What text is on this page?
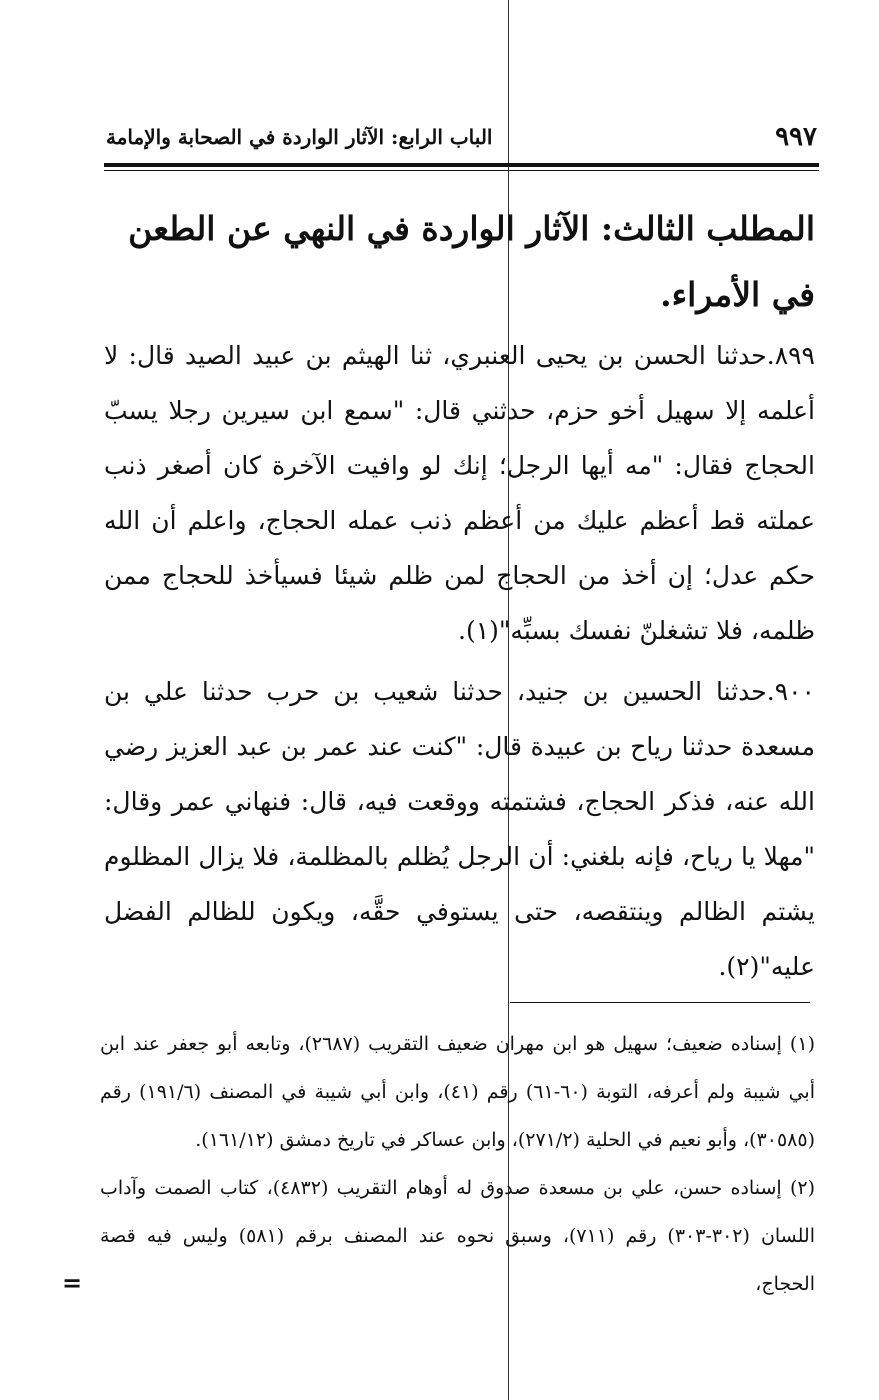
الباب الرابع: الآثار الواردة في الصحابة والإمامة	٩٩٧
المطلب الثالث: الآثار الواردة في النهي عن الطعن في الأمراء.

٨٩٩.حدثنا الحسن بن يحيى العنبري، ثنا الهيثم بن عبيد الصيد قال: لا أعلمه إلا سهيل أخو حزم، حدثني قال: "سمع ابن سيرين رجلا يسبّ الحجاج فقال: "مه أيها الرجل؛ إنك لو وافيت الآخرة كان أصغر ذنب عملته قط أعظم عليك من أعظم ذنب عمله الحجاج، واعلم أن الله حكم عدل؛ إن أخذ من الحجاج لمن ظلم شيئا فسيأخذ للحجاج ممن ظلمه، فلا تشغلنّ نفسك بسبِّه"(١).

٩٠٠.حدثنا الحسين بن جنيد، حدثنا شعيب بن حرب حدثنا علي بن مسعدة حدثنا رياح بن عبيدة قال: "كنت عند عمر بن عبد العزيز رضي الله عنه، فذكر الحجاج، فشتمته ووقعت فيه، قال: فنهاني عمر وقال: "مهلا يا رياح، فإنه بلغني: أن الرجل يُظلم بالمظلمة، فلا يزال المظلوم يشتم الظالم وينتقصه، حتى يستوفي حقَّه، ويكون للظالم الفضل عليه"(٢).

(١) إسناده ضعيف؛ سهيل هو ابن مهران ضعيف التقريب (٢٦٨٧)، وتابعه أبو جعفر عند ابن أبي شيبة ولم أعرفه، التوبة (٦٠-٦١) رقم (٤١)، وابن أبي شيبة في المصنف (١٩١/٦) رقم (٣٠٥٨٥)، وأبو نعيم في الحلية (٢٧١/٢)، وابن عساكر في تاريخ دمشق (١٦١/١٢).

(٢) إسناده حسن، علي بن مسعدة صدوق له أوهام التقريب (٤٨٣٢)، كتاب الصمت وآداب اللسان (٣٠٢-٣٠٣) رقم (٧١١)، وسبق نحوه عند المصنف برقم (٥٨١) وليس فيه قصة الحجاج،

=
